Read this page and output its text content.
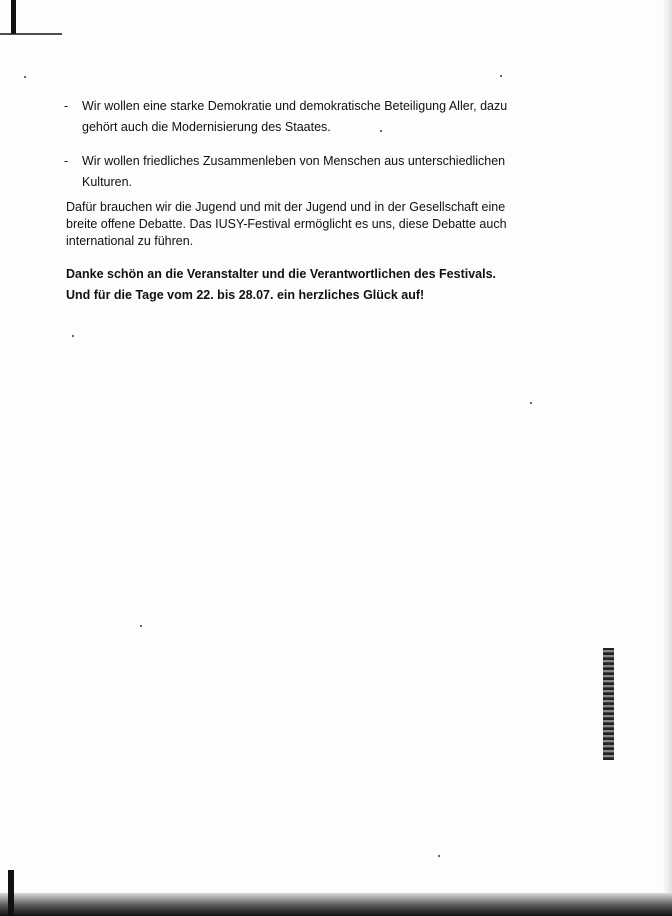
- Wir wollen eine starke Demokratie und demokratische Beteiligung Aller, dazu
gehört auch die Modernisierung des Staates.
- Wir wollen friedliches Zusammenleben von Menschen aus unterschiedlichen
Kulturen.
Dafür brauchen wir die Jugend und mit der Jugend und in der Gesellschaft eine
breite offene Debatte. Das IUSY-Festival ermöglicht es uns, diese Debatte auch
international zu führen.
Danke schön an die Veranstalter und die Verantwortlichen des Festivals.
Und für die Tage vom 22. bis 28.07. ein herzliches Glück auf!
